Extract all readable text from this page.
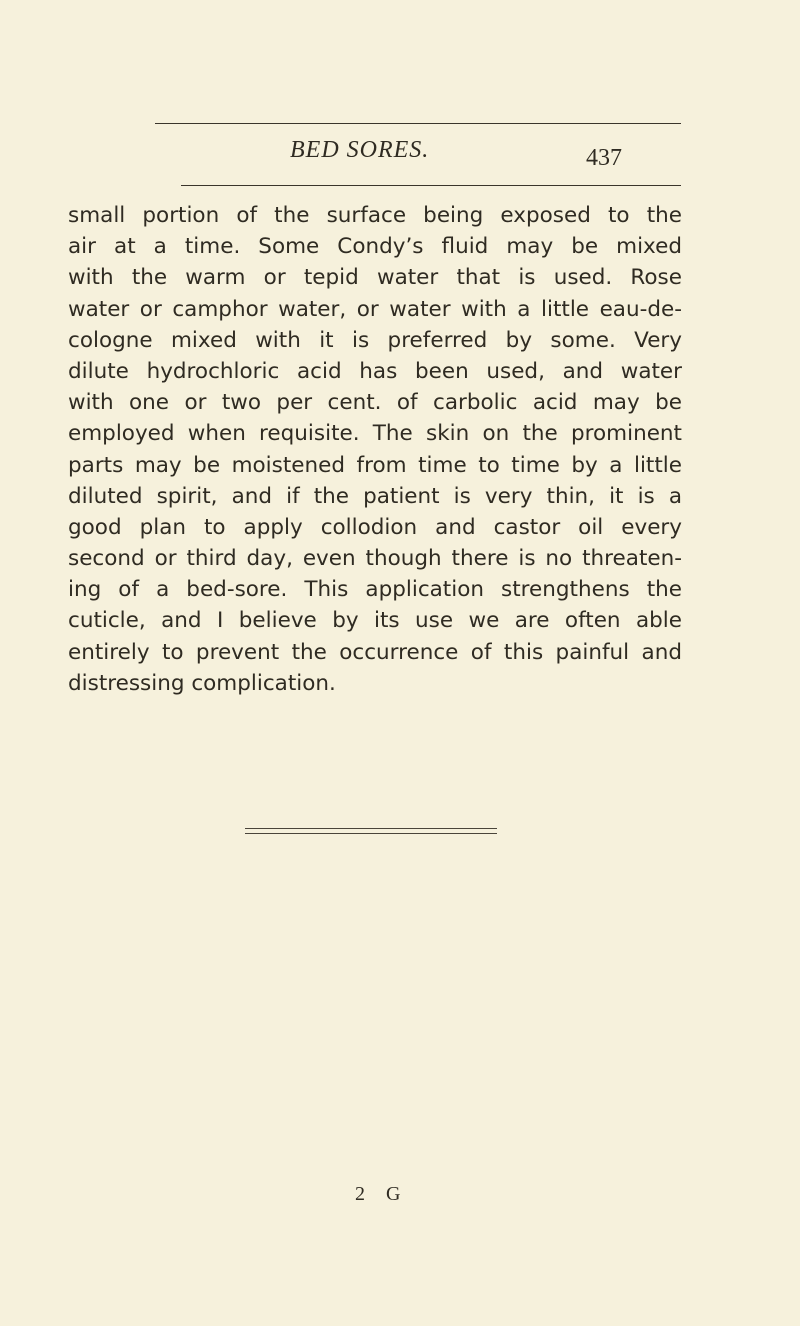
BED SORES.	437
small portion of the surface being exposed to the
air at a time. Some Condy’s fluid may be mixed
with the warm or tepid water that is used. Rose
water or camphor water, or water with a little eau-de-
cologne mixed with it is preferred by some. Very
dilute hydrochloric acid has been used, and water
with one or two per cent. of carbolic acid may be
employed when requisite. The skin on the prominent
parts may be moistened from time to time by a little
diluted spirit, and if the patient is very thin, it is a
good plan to apply collodion and castor oil every
second or third day, even though there is no threaten-
ing of a bed-sore. This application strengthens the
cuticle, and I believe by its use we are often able
entirely to prevent the occurrence of this painful and
distressing complication.
2 G
